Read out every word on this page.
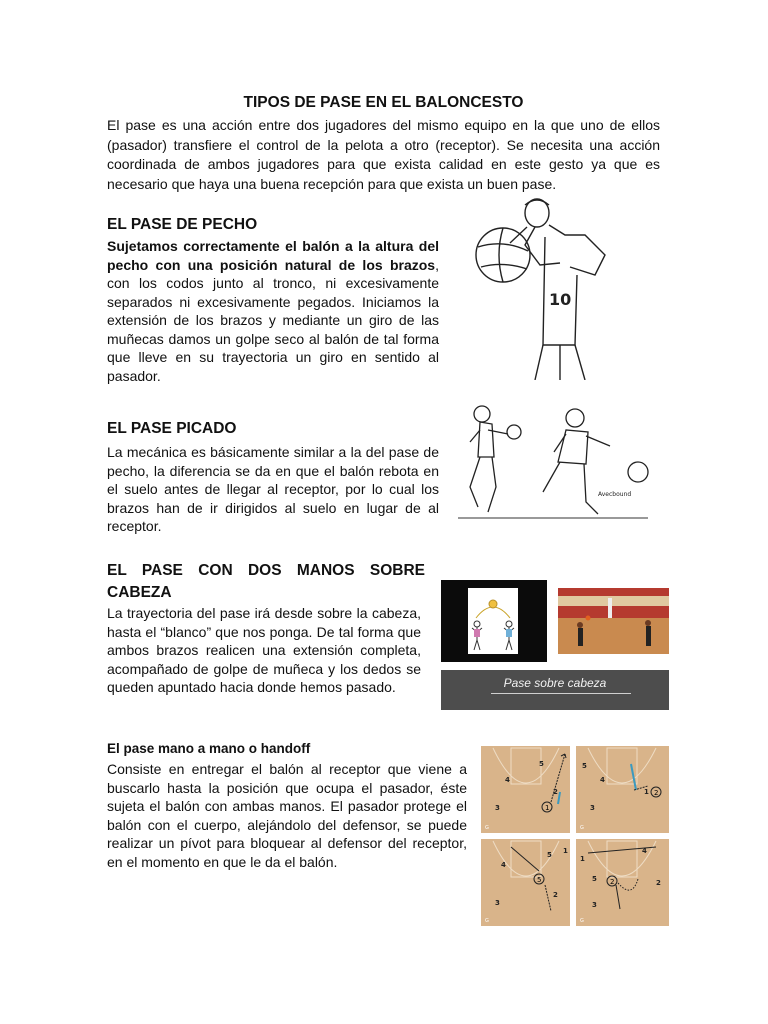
TIPOS DE PASE EN EL BALONCESTO
El pase es una acción entre dos jugadores del mismo equipo en la que uno de ellos (pasador) transfiere el control de la pelota a otro (receptor). Se necesita una acción coordinada de ambos jugadores para que exista calidad en este gesto ya que es necesario que haya una buena recepción para que exista un buen pase.
EL PASE DE PECHO
Sujetamos correctamente el balón a la altura del pecho con una posición natural de los brazos, con los codos junto al tronco, ni excesivamente separados ni excesivamente pegados. Iniciamos la extensión de los brazos y mediante un giro de las muñecas damos un golpe seco al balón de tal forma que lleve en su trayectoria un giro en sentido al pasador.
10
EL PASE PICADO
La mecánica es básicamente similar a la del pase de pecho, la diferencia se da en que el balón rebota en el suelo antes de llegar al receptor, por lo cual los brazos han de ir dirigidos al suelo en lugar de al receptor.
Avecbound
EL PASE CON DOS MANOS SOBRE CABEZA
La trayectoria del pase irá desde sobre la cabeza, hasta el “blanco” que nos ponga. De tal forma que ambos brazos realicen una extensión completa, acompañado de golpe de muñeca y los dedos se queden apuntado hacia donde hemos pasado.	Pase sobre cabeza
El pase mano a mano o handoff
Consiste en entregar el balón al receptor que viene a buscarlo hasta la posición que ocupa el pasador, éste sujeta el balón con ambas manos. El pasador protege el balón con el cuerpo, alejándolo del defensor, se puede realizar un pívot para bloquear al defensor del receptor, en el momento en que le da el balón.
5
4
3
2
1
G
5
4
3
1 2
G
4
5
3
2
1
5
G
1
5
3
2
4
2
G
